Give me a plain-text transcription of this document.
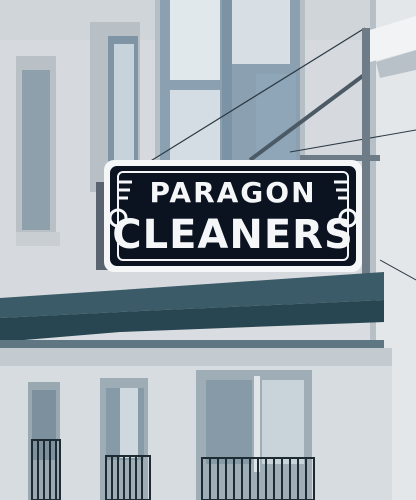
PARAGON
CLEANERS
